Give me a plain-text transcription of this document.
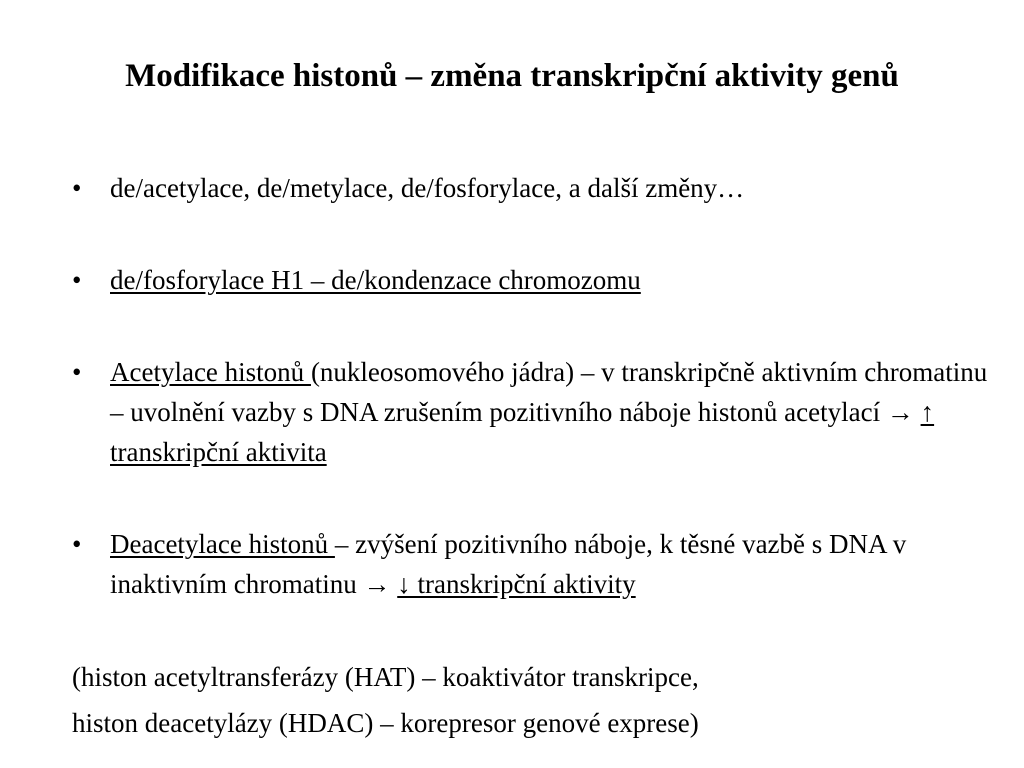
Modifikace histonů – změna transkripční aktivity genů
• de/acetylace, de/metylace, de/fosforylace, a další změny…
• de/fosforylace H1 – de/kondenzace chromozomu
• Acetylace histonů (nukleosomového jádra) – v transkripčně aktivním chromatinu – uvolnění vazby s DNA zrušením pozitivního náboje histonů acetylací → ↑ transkripční aktivita
• Deacetylace histonů – zvýšení pozitivního náboje, k těsné vazbě s DNA v inaktivním chromatinu → ↓ transkripční aktivity
(histon acetyltransferázy (HAT) – koaktivátor transkripce,
histon deacetylázy (HDAC) – korepresor genové exprese)
